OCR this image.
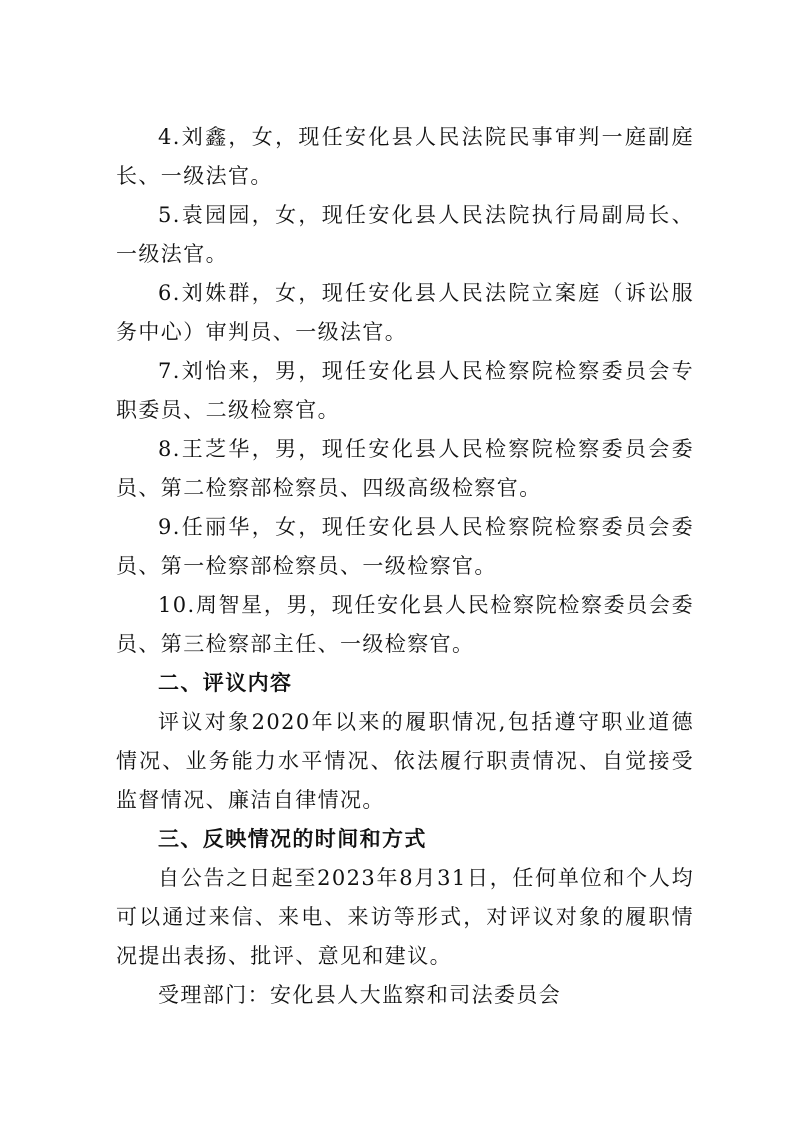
4.刘鑫，女，现任安化县人民法院民事审判一庭副庭长、一级法官。

5.袁园园，女，现任安化县人民法院执行局副局长、一级法官。

6.刘姝群，女，现任安化县人民法院立案庭（诉讼服务中心）审判员、一级法官。

7.刘怡来，男，现任安化县人民检察院检察委员会专职委员、二级检察官。

8.王芝华，男，现任安化县人民检察院检察委员会委员、第二检察部检察员、四级高级检察官。

9.任丽华，女，现任安化县人民检察院检察委员会委员、第一检察部检察员、一级检察官。

10.周智星，男，现任安化县人民检察院检察委员会委员、第三检察部主任、一级检察官。

二、评议内容

评议对象2020年以来的履职情况,包括遵守职业道德情况、业务能力水平情况、依法履行职责情况、自觉接受监督情况、廉洁自律情况。

三、反映情况的时间和方式

自公告之日起至2023年8月31日，任何单位和个人均可以通过来信、来电、来访等形式，对评议对象的履职情况提出表扬、批评、意见和建议。

受理部门：安化县人大监察和司法委员会
